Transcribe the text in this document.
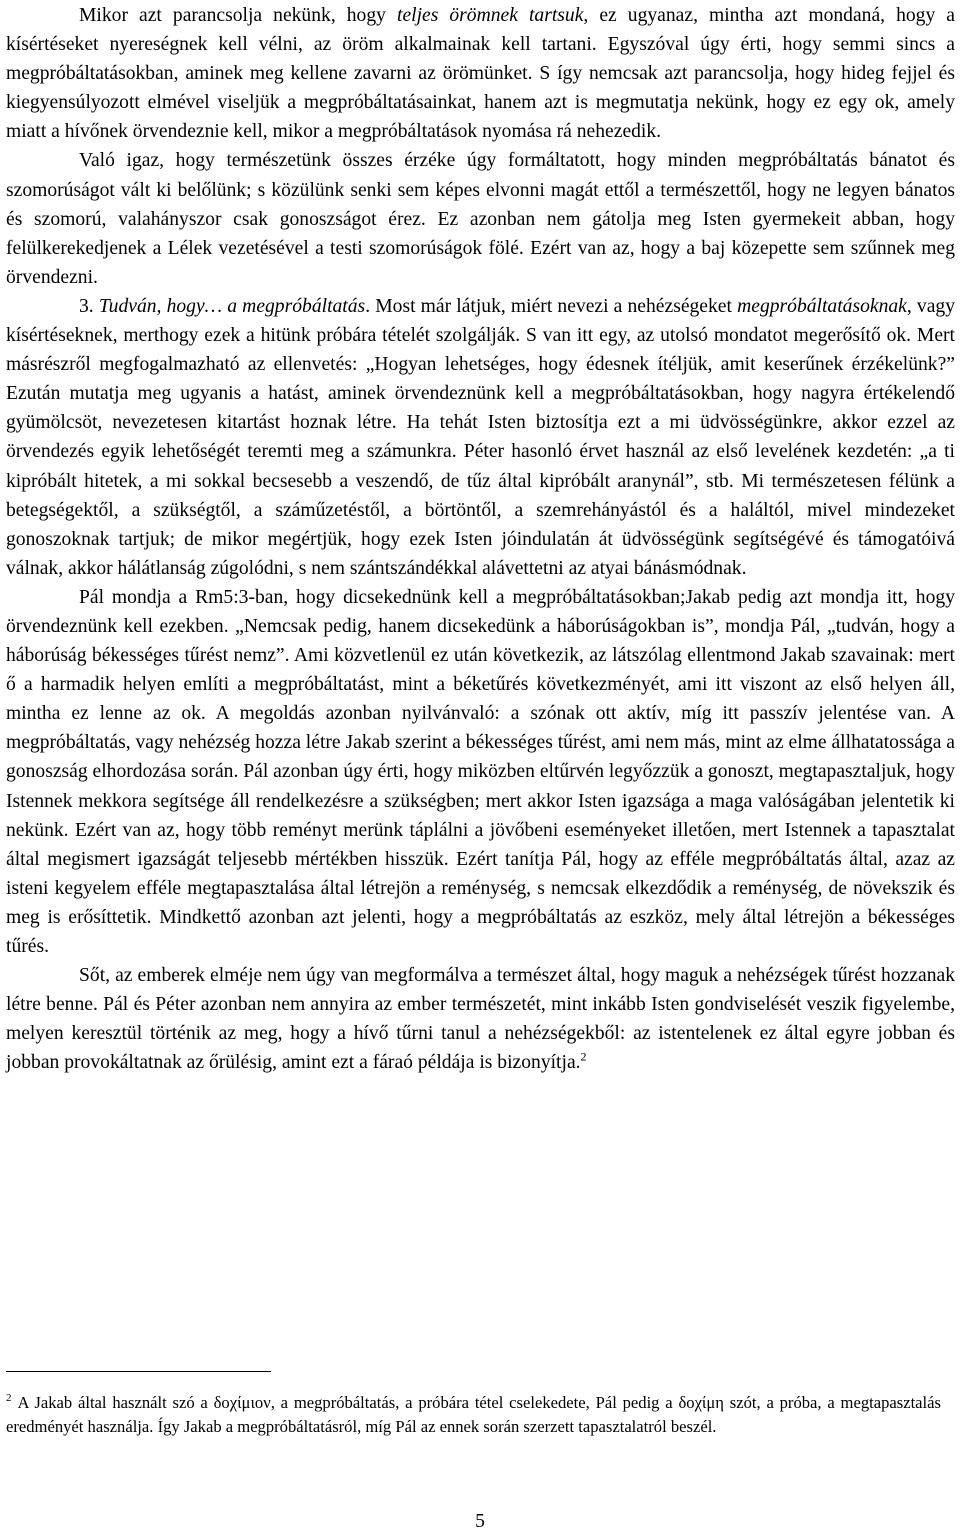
Mikor azt parancsolja nekünk, hogy teljes örömnek tartsuk, ez ugyanaz, mintha azt mondaná, hogy a kísértéseket nyereségnek kell vélni, az öröm alkalmainak kell tartani. Egyszóval úgy érti, hogy semmi sincs a megpróbáltatásokban, aminek meg kellene zavarni az örömünket. S így nemcsak azt parancsolja, hogy hideg fejjel és kiegyensúlyozott elmével viseljük a megpróbáltatásainkat, hanem azt is megmutatja nekünk, hogy ez egy ok, amely miatt a hívőnek örvendeznie kell, mikor a megpróbáltatások nyomása rá nehezedik.

Való igaz, hogy természetünk összes érzéke úgy formáltatott, hogy minden megpróbáltatás bánatot és szomorúságot vált ki belőlünk; s közülünk senki sem képes elvonni magát ettől a természettől, hogy ne legyen bánatos és szomorú, valahányszor csak gonoszságot érez. Ez azonban nem gátolja meg Isten gyermekeit abban, hogy felülkerekedjenek a Lélek vezetésével a testi szomorúságok fölé. Ezért van az, hogy a baj közepette sem szűnnek meg örvendezni.

3. Tudván, hogy… a megpróbáltatás. Most már látjuk, miért nevezi a nehézségeket megpróbáltatásoknak, vagy kísértéseknek, merthogy ezek a hitünk próbára tételét szolgálják. S van itt egy, az utolsó mondatot megerősítő ok. Mert másrészről megfogalmazható az ellenvetés: „Hogyan lehetséges, hogy édesnek ítéljük, amit keserűnek érzékelünk?” Ezután mutatja meg ugyanis a hatást, aminek örvendeznünk kell a megpróbáltatásokban, hogy nagyra értékelendő gyümölcsöt, nevezetesen kitartást hoznak létre. Ha tehát Isten biztosítja ezt a mi üdvösségünkre, akkor ezzel az örvendezés egyik lehetőségét teremti meg a számunkra. Péter hasonló érvet használ az első levelének kezdetén: „a ti kipróbált hitetek, a mi sokkal becsesebb a veszendő, de tűz által kipróbált aranynál”, stb. Mi természetesen félünk a betegségektől, a szükségtől, a száműzetéstől, a börtöntől, a szemrehányástól és a haláltól, mivel mindezeket gonoszoknak tartjuk; de mikor megértjük, hogy ezek Isten jóindulatán át üdvösségünk segítségévé és támogatóivá válnak, akkor hálátlanság zúgolódni, s nem szántszándékkal alávettetni az atyai bánásmódnak.

Pál mondja a Rm5:3-ban, hogy dicsekednünk kell a megpróbáltatásokban;Jakab pedig azt mondja itt, hogy örvendeznünk kell ezekben. „Nemcsak pedig, hanem dicsekedünk a háborúságokban is”, mondja Pál, „tudván, hogy a háborúság békességes tűrést nemz”. Ami közvetlenül ez után következik, az látszólag ellentmond Jakab szavainak: mert ő a harmadik helyen említi a megpróbáltatást, mint a béketűrés következményét, ami itt viszont az első helyen áll, mintha ez lenne az ok. A megoldás azonban nyilvánvaló: a szónak ott aktív, míg itt passzív jelentése van. A megpróbáltatás, vagy nehézség hozza létre Jakab szerint a békességes tűrést, ami nem más, mint az elme állhatatossága a gonoszság elhordozása során. Pál azonban úgy érti, hogy miközben eltűrvén legyőzzük a gonoszt, megtapasztaljuk, hogy Istennek mekkora segítsége áll rendelkezésre a szükségben; mert akkor Isten igazsága a maga valóságában jelentetik ki nekünk. Ezért van az, hogy több reményt merünk táplálni a jövőbeni eseményeket illetően, mert Istennek a tapasztalat által megismert igazságát teljesebb mértékben hisszük. Ezért tanítja Pál, hogy az efféle megpróbáltatás által, azaz az isteni kegyelem efféle megtapasztalása által létrejön a reménység, s nemcsak elkezdődik a reménység, de növekszik és meg is erősíttetik. Mindkettő azonban azt jelenti, hogy a megpróbáltatás az eszköz, mely által létrejön a békességes tűrés.

Sőt, az emberek elméje nem úgy van megformálva a természet által, hogy maguk a nehézségek tűrést hozzanak létre benne. Pál és Péter azonban nem annyira az ember természetét, mint inkább Isten gondviselését veszik figyelembe, melyen keresztül történik az meg, hogy a hívő tűrni tanul a nehézségekből: az istentelenek ez által egyre jobban és jobban provokáltatnak az őrülésig, amint ezt a fáraó példája is bizonyítja.$^2$

$^2$ A Jakab által használt szó a δοχίμιον, a megpróbáltatás, a próbára tétel cselekedete, Pál pedig a δοχίμη szót, a próba, a megtapasztalás eredményét használja. Így Jakab a megpróbáltatásról, míg Pál az ennek során szerzett tapasztalatról beszél.

5
